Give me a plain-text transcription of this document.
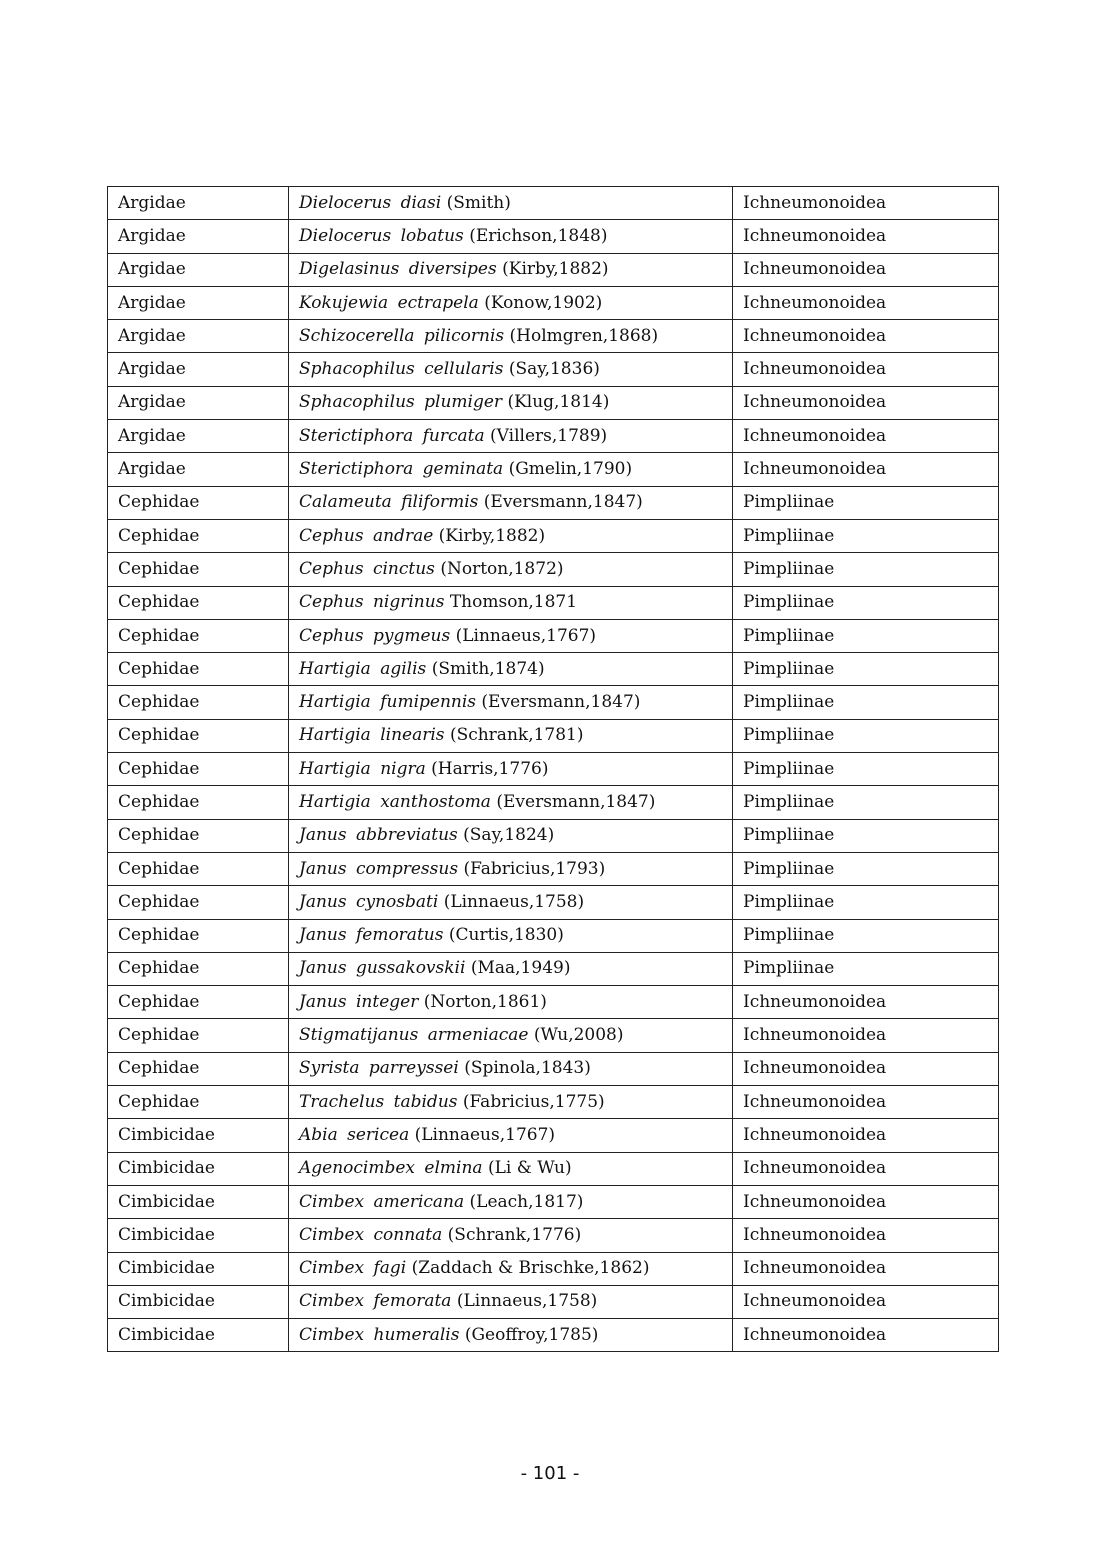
Argidae	Dielocerus diasi (Smith)	Ichneumonoidea
Argidae	Dielocerus lobatus (Erichson,1848)	Ichneumonoidea
Argidae	Digelasinus diversipes (Kirby,1882)	Ichneumonoidea
Argidae	Kokujewia ectrapela (Konow,1902)	Ichneumonoidea
Argidae	Schizocerella pilicornis (Holmgren,1868)	Ichneumonoidea
Argidae	Sphacophilus cellularis (Say,1836)	Ichneumonoidea
Argidae	Sphacophilus plumiger (Klug,1814)	Ichneumonoidea
Argidae	Sterictiphora furcata (Villers,1789)	Ichneumonoidea
Argidae	Sterictiphora geminata (Gmelin,1790)	Ichneumonoidea
Cephidae	Calameuta filiformis (Eversmann,1847)	Pimpliinae
Cephidae	Cephus andrae (Kirby,1882)	Pimpliinae
Cephidae	Cephus cinctus (Norton,1872)	Pimpliinae
Cephidae	Cephus nigrinus Thomson,1871	Pimpliinae
Cephidae	Cephus pygmeus (Linnaeus,1767)	Pimpliinae
Cephidae	Hartigia agilis (Smith,1874)	Pimpliinae
Cephidae	Hartigia fumipennis (Eversmann,1847)	Pimpliinae
Cephidae	Hartigia linearis (Schrank,1781)	Pimpliinae
Cephidae	Hartigia nigra (Harris,1776)	Pimpliinae
Cephidae	Hartigia xanthostoma (Eversmann,1847)	Pimpliinae
Cephidae	Janus abbreviatus (Say,1824)	Pimpliinae
Cephidae	Janus compressus (Fabricius,1793)	Pimpliinae
Cephidae	Janus cynosbati (Linnaeus,1758)	Pimpliinae
Cephidae	Janus femoratus (Curtis,1830)	Pimpliinae
Cephidae	Janus gussakovskii (Maa,1949)	Pimpliinae
Cephidae	Janus integer (Norton,1861)	Ichneumonoidea
Cephidae	Stigmatijanus armeniacae (Wu,2008)	Ichneumonoidea
Cephidae	Syrista parreyssei (Spinola,1843)	Ichneumonoidea
Cephidae	Trachelus tabidus (Fabricius,1775)	Ichneumonoidea
Cimbicidae	Abia sericea (Linnaeus,1767)	Ichneumonoidea
Cimbicidae	Agenocimbex elmina (Li & Wu)	Ichneumonoidea
Cimbicidae	Cimbex americana (Leach,1817)	Ichneumonoidea
Cimbicidae	Cimbex connata (Schrank,1776)	Ichneumonoidea
Cimbicidae	Cimbex fagi (Zaddach & Brischke,1862)	Ichneumonoidea
Cimbicidae	Cimbex femorata (Linnaeus,1758)	Ichneumonoidea
Cimbicidae	Cimbex humeralis (Geoffroy,1785)	Ichneumonoidea
- 101 -
